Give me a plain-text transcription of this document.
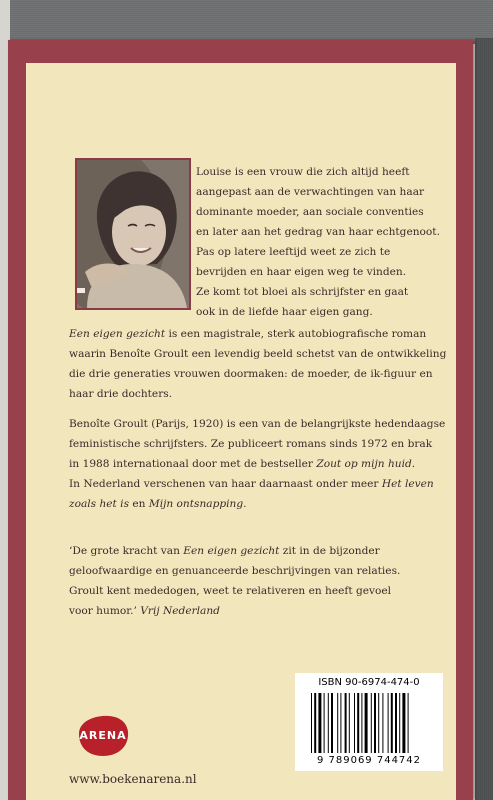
Louise is een vrouw die zich altijd heeft
aangepast aan de verwachtingen van haar
dominante moeder, aan sociale conventies
en later aan het gedrag van haar echtgenoot.
Pas op latere leeftijd weet ze zich te
bevrijden en haar eigen weg te vinden.
Ze komt tot bloei als schrijfster en gaat
ook in de liefde haar eigen gang.
Een eigen gezicht is een magistrale, sterk autobiografische roman
waarin Benoîte Groult een levendig beeld schetst van de ontwikkeling
die drie generaties vrouwen doormaken: de moeder, de ik-figuur en
haar drie dochters.
Benoîte Groult (Parijs, 1920) is een van de belangrijkste hedendaagse
feministische schrijfsters. Ze publiceert romans sinds 1972 en brak
in 1988 internationaal door met de bestseller Zout op mijn huid.
In Nederland verschenen van haar daarnaast onder meer Het leven
zoals het is en Mijn ontsnapping.
‘De grote kracht van Een eigen gezicht zit in de bijzonder
geloofwaardige en genuanceerde beschrijvingen van relaties.
Groult kent mededogen, weet te relativeren en heeft gevoel
voor humor.’ Vrij Nederland
ISBN 90-6974-474-0
9 789069 744742
ARENA
www.boekenarena.nl
